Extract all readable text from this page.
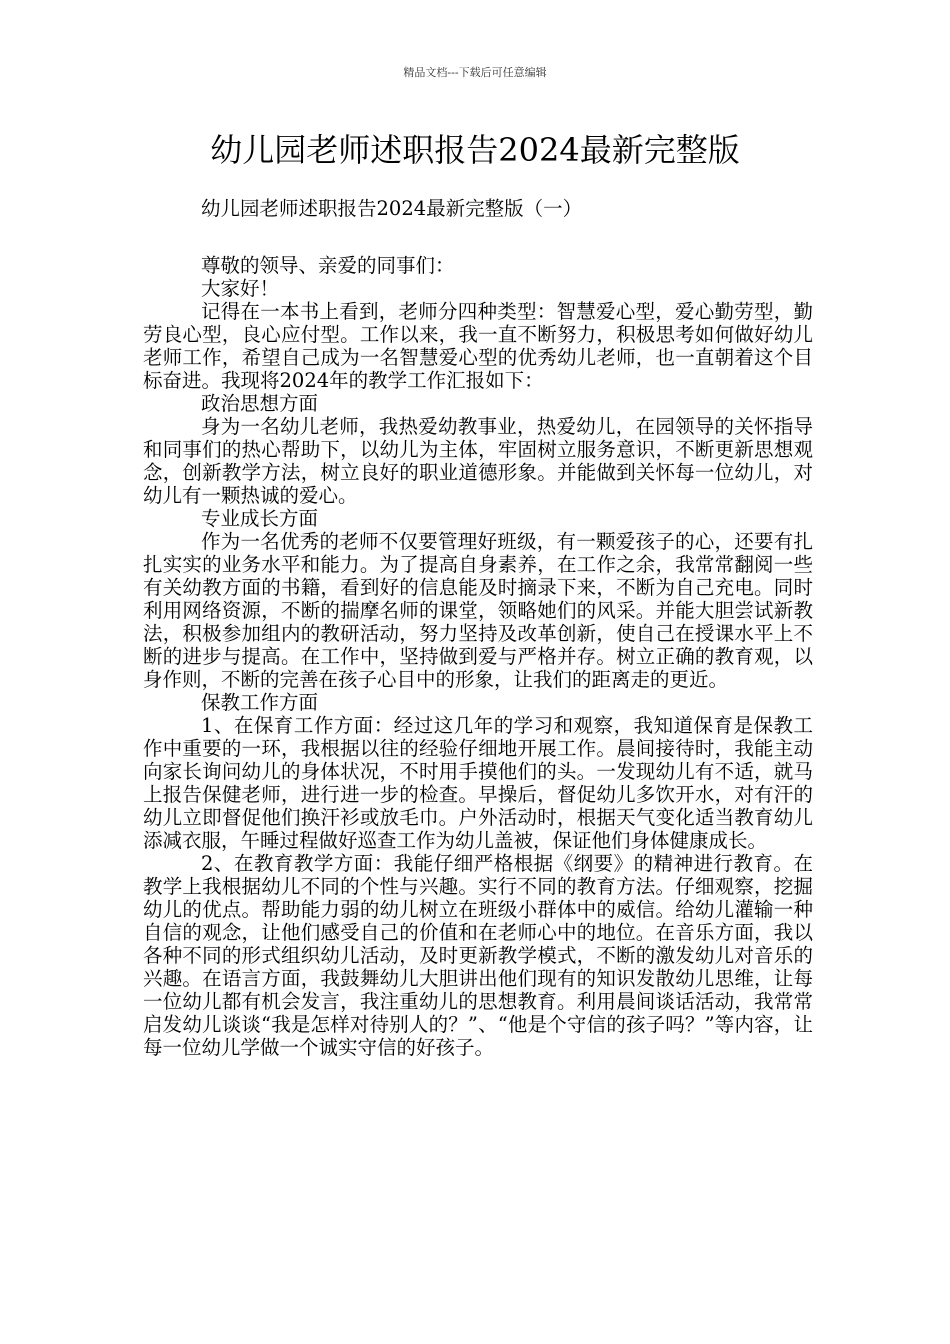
精品文档---下载后可任意编辑
幼儿园老师述职报告2024最新完整版
幼儿园老师述职报告2024最新完整版（一）

尊敬的领导、亲爱的同事们：

大家好！

记得在一本书上看到，老师分四种类型：智慧爱心型，爱心勤劳型，勤劳良心型，良心应付型。工作以来，我一直不断努力，积极思考如何做好幼儿老师工作，希望自己成为一名智慧爱心型的优秀幼儿老师，也一直朝着这个目标奋进。我现将2024年的教学工作汇报如下：

政治思想方面

身为一名幼儿老师，我热爱幼教事业，热爱幼儿，在园领导的关怀指导和同事们的热心帮助下，以幼儿为主体，牢固树立服务意识，不断更新思想观念，创新教学方法，树立良好的职业道德形象。并能做到关怀每一位幼儿，对幼儿有一颗热诚的爱心。

专业成长方面

作为一名优秀的老师不仅要管理好班级，有一颗爱孩子的心，还要有扎扎实实的业务水平和能力。为了提高自身素养，在工作之余，我常常翻阅一些有关幼教方面的书籍，看到好的信息能及时摘录下来，不断为自己充电。同时利用网络资源，不断的揣摩名师的课堂，领略她们的风采。并能大胆尝试新教法，积极参加组内的教研活动，努力坚持及改革创新，使自己在授课水平上不断的进步与提高。在工作中，坚持做到爱与严格并存。树立正确的教育观，以身作则，不断的完善在孩子心目中的形象，让我们的距离走的更近。

保教工作方面

1、在保育工作方面：经过这几年的学习和观察，我知道保育是保教工作中重要的一环，我根据以往的经验仔细地开展工作。晨间接待时，我能主动向家长询问幼儿的身体状况，不时用手摸他们的头。一发现幼儿有不适，就马上报告保健老师，进行进一步的检查。早操后，督促幼儿多饮开水，对有汗的幼儿立即督促他们换汗衫或放毛巾。户外活动时，根据天气变化适当教育幼儿添减衣服，午睡过程做好巡查工作为幼儿盖被，保证他们身体健康成长。

2、在教育教学方面：我能仔细严格根据《纲要》的精神进行教育。在教学上我根据幼儿不同的个性与兴趣。实行不同的教育方法。仔细观察，挖掘幼儿的优点。帮助能力弱的幼儿树立在班级小群体中的威信。给幼儿灌输一种自信的观念，让他们感受自己的价值和在老师心中的地位。在音乐方面，我以各种不同的形式组织幼儿活动，及时更新教学模式，不断的激发幼儿对音乐的兴趣。在语言方面，我鼓舞幼儿大胆讲出他们现有的知识发散幼儿思维，让每一位幼儿都有机会发言，我注重幼儿的思想教育。利用晨间谈话活动，我常常启发幼儿谈谈“我是怎样对待别人的？”、“他是个守信的孩子吗？”等内容，让每一位幼儿学做一个诚实守信的好孩子。
